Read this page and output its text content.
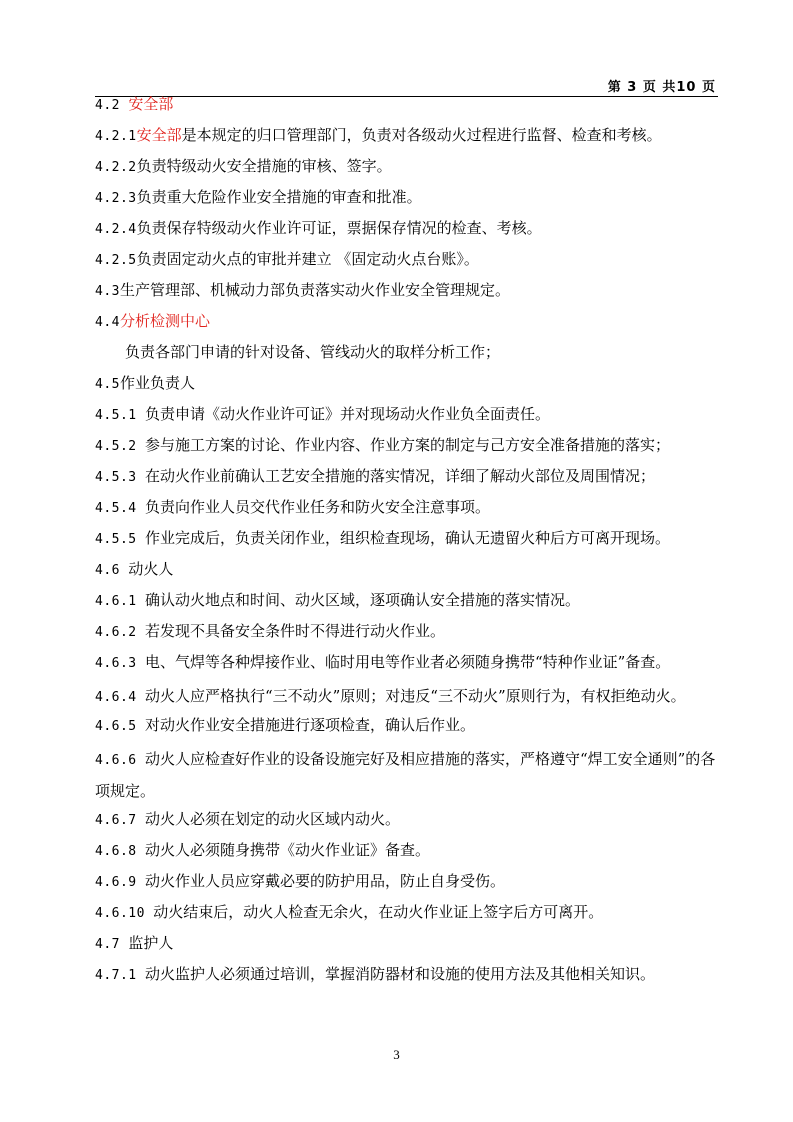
第 3 页 共10 页
4.2 安全部
4.2.1安全部是本规定的归口管理部门，负责对各级动火过程进行监督、检查和考核。
4.2.2负责特级动火安全措施的审核、签字。
4.2.3负责重大危险作业安全措施的审查和批准。
4.2.4负责保存特级动火作业许可证，票据保存情况的检查、考核。
4.2.5负责固定动火点的审批并建立 《固定动火点台账》。
4.3生产管理部、机械动力部负责落实动火作业安全管理规定。
4.4分析检测中心
负责各部门申请的针对设备、管线动火的取样分析工作；
4.5作业负责人
4.5.1 负责申请《动火作业许可证》并对现场动火作业负全面责任。
4.5.2 参与施工方案的讨论、作业内容、作业方案的制定与己方安全准备措施的落实；
4.5.3 在动火作业前确认工艺安全措施的落实情况，详细了解动火部位及周围情况；
4.5.4 负责向作业人员交代作业任务和防火安全注意事项。
4.5.5 作业完成后，负责关闭作业，组织检查现场，确认无遗留火种后方可离开现场。
4.6 动火人
4.6.1 确认动火地点和时间、动火区域，逐项确认安全措施的落实情况。
4.6.2 若发现不具备安全条件时不得进行动火作业。
4.6.3 电、气焊等各种焊接作业、临时用电等作业者必须随身携带“特种作业证”备查。
4.6.4 动火人应严格执行“三不动火”原则；对违反“三不动火”原则行为，有权拒绝动火。
4.6.5 对动火作业安全措施进行逐项检查，确认后作业。
4.6.6 动火人应检查好作业的设备设施完好及相应措施的落实，严格遵守“焊工安全通则”的各项规定。
4.6.7 动火人必须在划定的动火区域内动火。
4.6.8 动火人必须随身携带《动火作业证》备查。
4.6.9 动火作业人员应穿戴必要的防护用品，防止自身受伤。
4.6.10 动火结束后，动火人检查无余火，在动火作业证上签字后方可离开。
4.7 监护人
4.7.1 动火监护人必须通过培训，掌握消防器材和设施的使用方法及其他相关知识。
3
